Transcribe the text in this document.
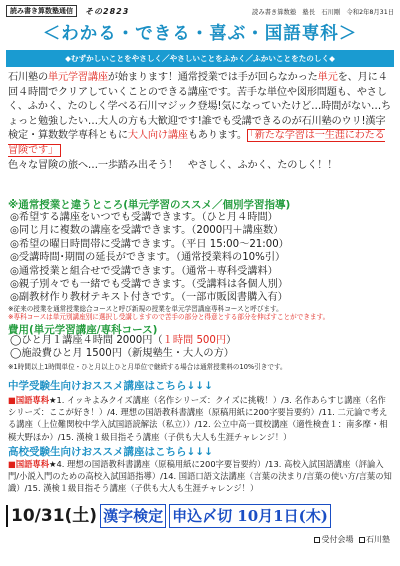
読み書き算数塾通信	その2823	読み書き算数塾　塾長　石川剛　令和2年8月31日
＜わかる・できる・喜ぶ・国語専科＞
◆むずかしいことをやさしく／やさしいことをふかく／ふかいことをたのしく◆
石川塾の単元学習講座が始まります！通常授業では手が回らなかった単元を、月に４回４時間でクリアしていくことのできる講座です。苦手な単位や図形問題も、やさしく、ふかく、たのしく学べる石川マジック登場!気になっていたけど…時間がない…ちょっと勉強したい…大人の方も大歓迎です!誰でも受講できるのが石川塾のウリ!漢字検定・算数数学専科ともに大人向け講座もあります。 「新たな学習は一生涯にわたる冒険です」
色々な冒険の旅へ…一歩踏み出そう！　やさしく、ふかく、たのしく！！
※通常授業と違うところ(単元学習のススメ／個別学習指導)
◎希望する講座をいつでも受講できます。（ひと月４時間）
◎同じ月に複数の講座を受講できます。（2000円＋講座数）
◎希望の曜日時間帯に受講できます。（平日 15:00～21:00）
◎受講時間･期間の延長ができます。（通常授業料の10%引）
◎通常授業と組合せで受講できます。（通常＋専科受講料）
◎親子別々でも一緒でも受講できます。（受講料は各個人別）
◎副教材作り教材テキスト付きです。（一部市販図書購入有）
※従来の授業を通常授業総合コースと呼び新規の授業を単元学習講座専科コースと呼びます。
※専科コースは単元別講座別に選択し受講しますので苦手の部分と得意とする部分を伸ばすことができます。
費用(単元学習講座/専科コース)
◯ひと月１講座４時間 2000円（１時間 500円）
◯施設費ひと月 1500円（新規塾生・大人の方）
※1時間以上1時間単位・ひと月以上ひと月単位で継続する場合は通常授業料の10%引きです。
中学受験生向けおススメ講座はこちら↓↓↓
■国語専科★1. イッキよみクイズ講座（名作シリーズ：クイズに挑戦！）/3. 名作あらすじ講座（名作シリーズ：ここが好き！）/4. 理想の国語教科書講座（原稿用紙に200字要旨要約）/11. 二元論で考える講座（上位難関校中学入試国語読解法（私立））/12. 公立中高一貫校講座（適性検査１：南多摩・相模大野ほか）/15. 漢検１級目指そう講座（子供も大人も生涯チャレンジ！）
高校受験生向けおススメ講座はこちら↓↓↓
■国語専科★4. 理想の国語教科書講座（原稿用紙に200字要旨要約）/13. 高校入試国語講座（評論入門/小説入門のための高校入試国語指導）/14. 国語口語文法講座（言葉の決まり/言葉の使い方/言葉の知識）/15. 漢検１級目指そう講座（子供も大人も生涯チャレンジ！）
10/31(土) 漢字検定 申込〆切 10月1日(木)
受付会場 石川塾
